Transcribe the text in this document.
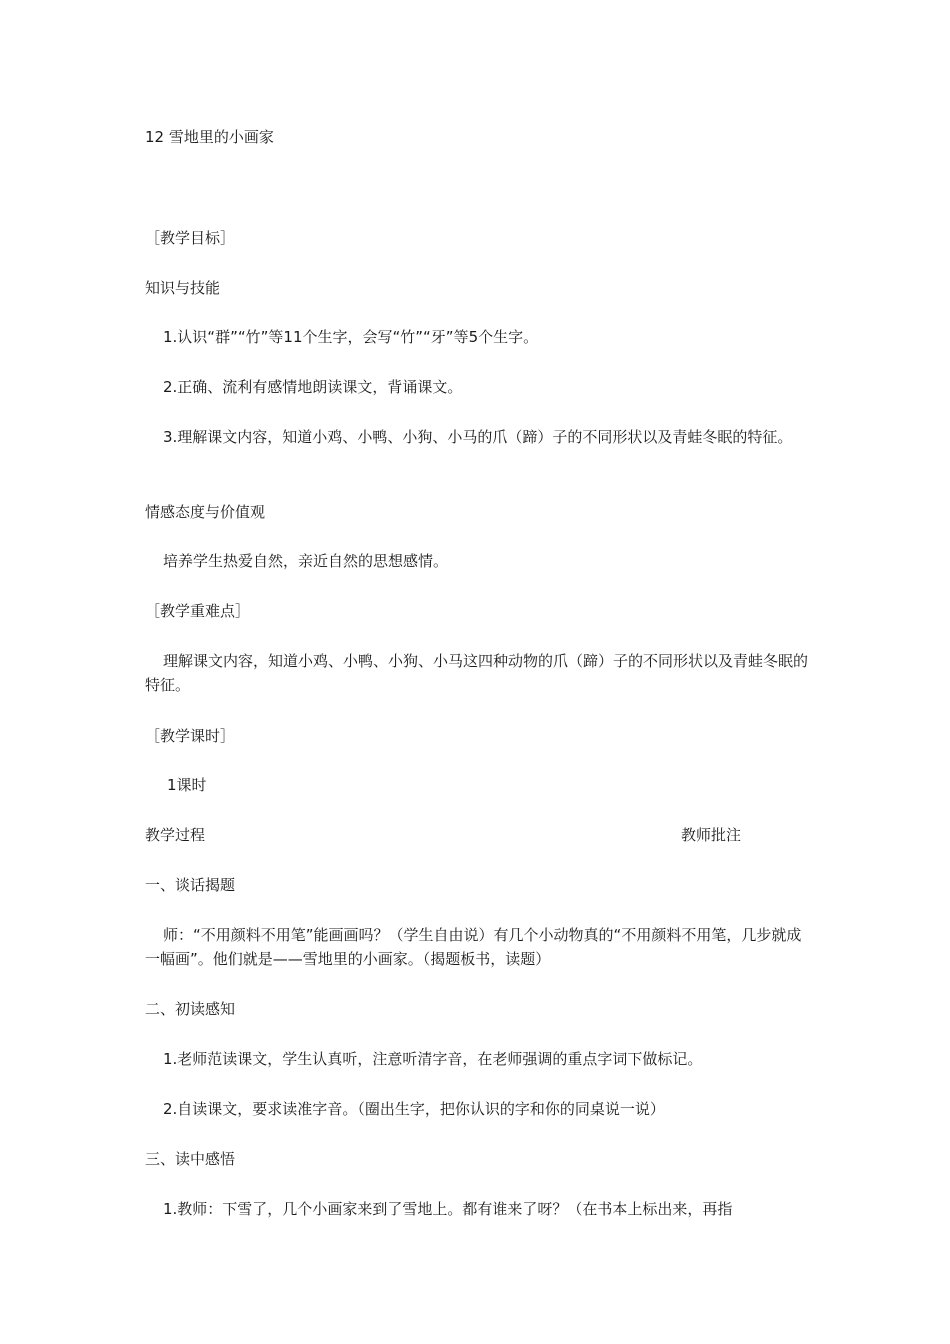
12 雪地里的小画家
［教学目标］
知识与技能
1.认识“群”“竹”等11个生字，会写“竹”“牙”等5个生字。
2.正确、流利有感情地朗读课文，背诵课文。
3.理解课文内容，知道小鸡、小鸭、小狗、小马的爪（蹄）子的不同形状以及青蛙冬眠的特征。
情感态度与价值观
培养学生热爱自然，亲近自然的思想感情。
［教学重难点］
理解课文内容，知道小鸡、小鸭、小狗、小马这四种动物的爪（蹄）子的不同形状以及青蛙冬眠的特征。
［教学课时］
1课时
教学过程	教师批注
一、谈话揭题
师：“不用颜料不用笔”能画画吗？（学生自由说）有几个小动物真的“不用颜料不用笔，几步就成一幅画”。他们就是——雪地里的小画家。（揭题板书，读题）
二、初读感知
1.老师范读课文，学生认真听，注意听清字音，在老师强调的重点字词下做标记。
2.自读课文，要求读准字音。（圈出生字，把你认识的字和你的同桌说一说）
三、读中感悟
1.教师：下雪了，几个小画家来到了雪地上。都有谁来了呀？（在书本上标出来，再指
